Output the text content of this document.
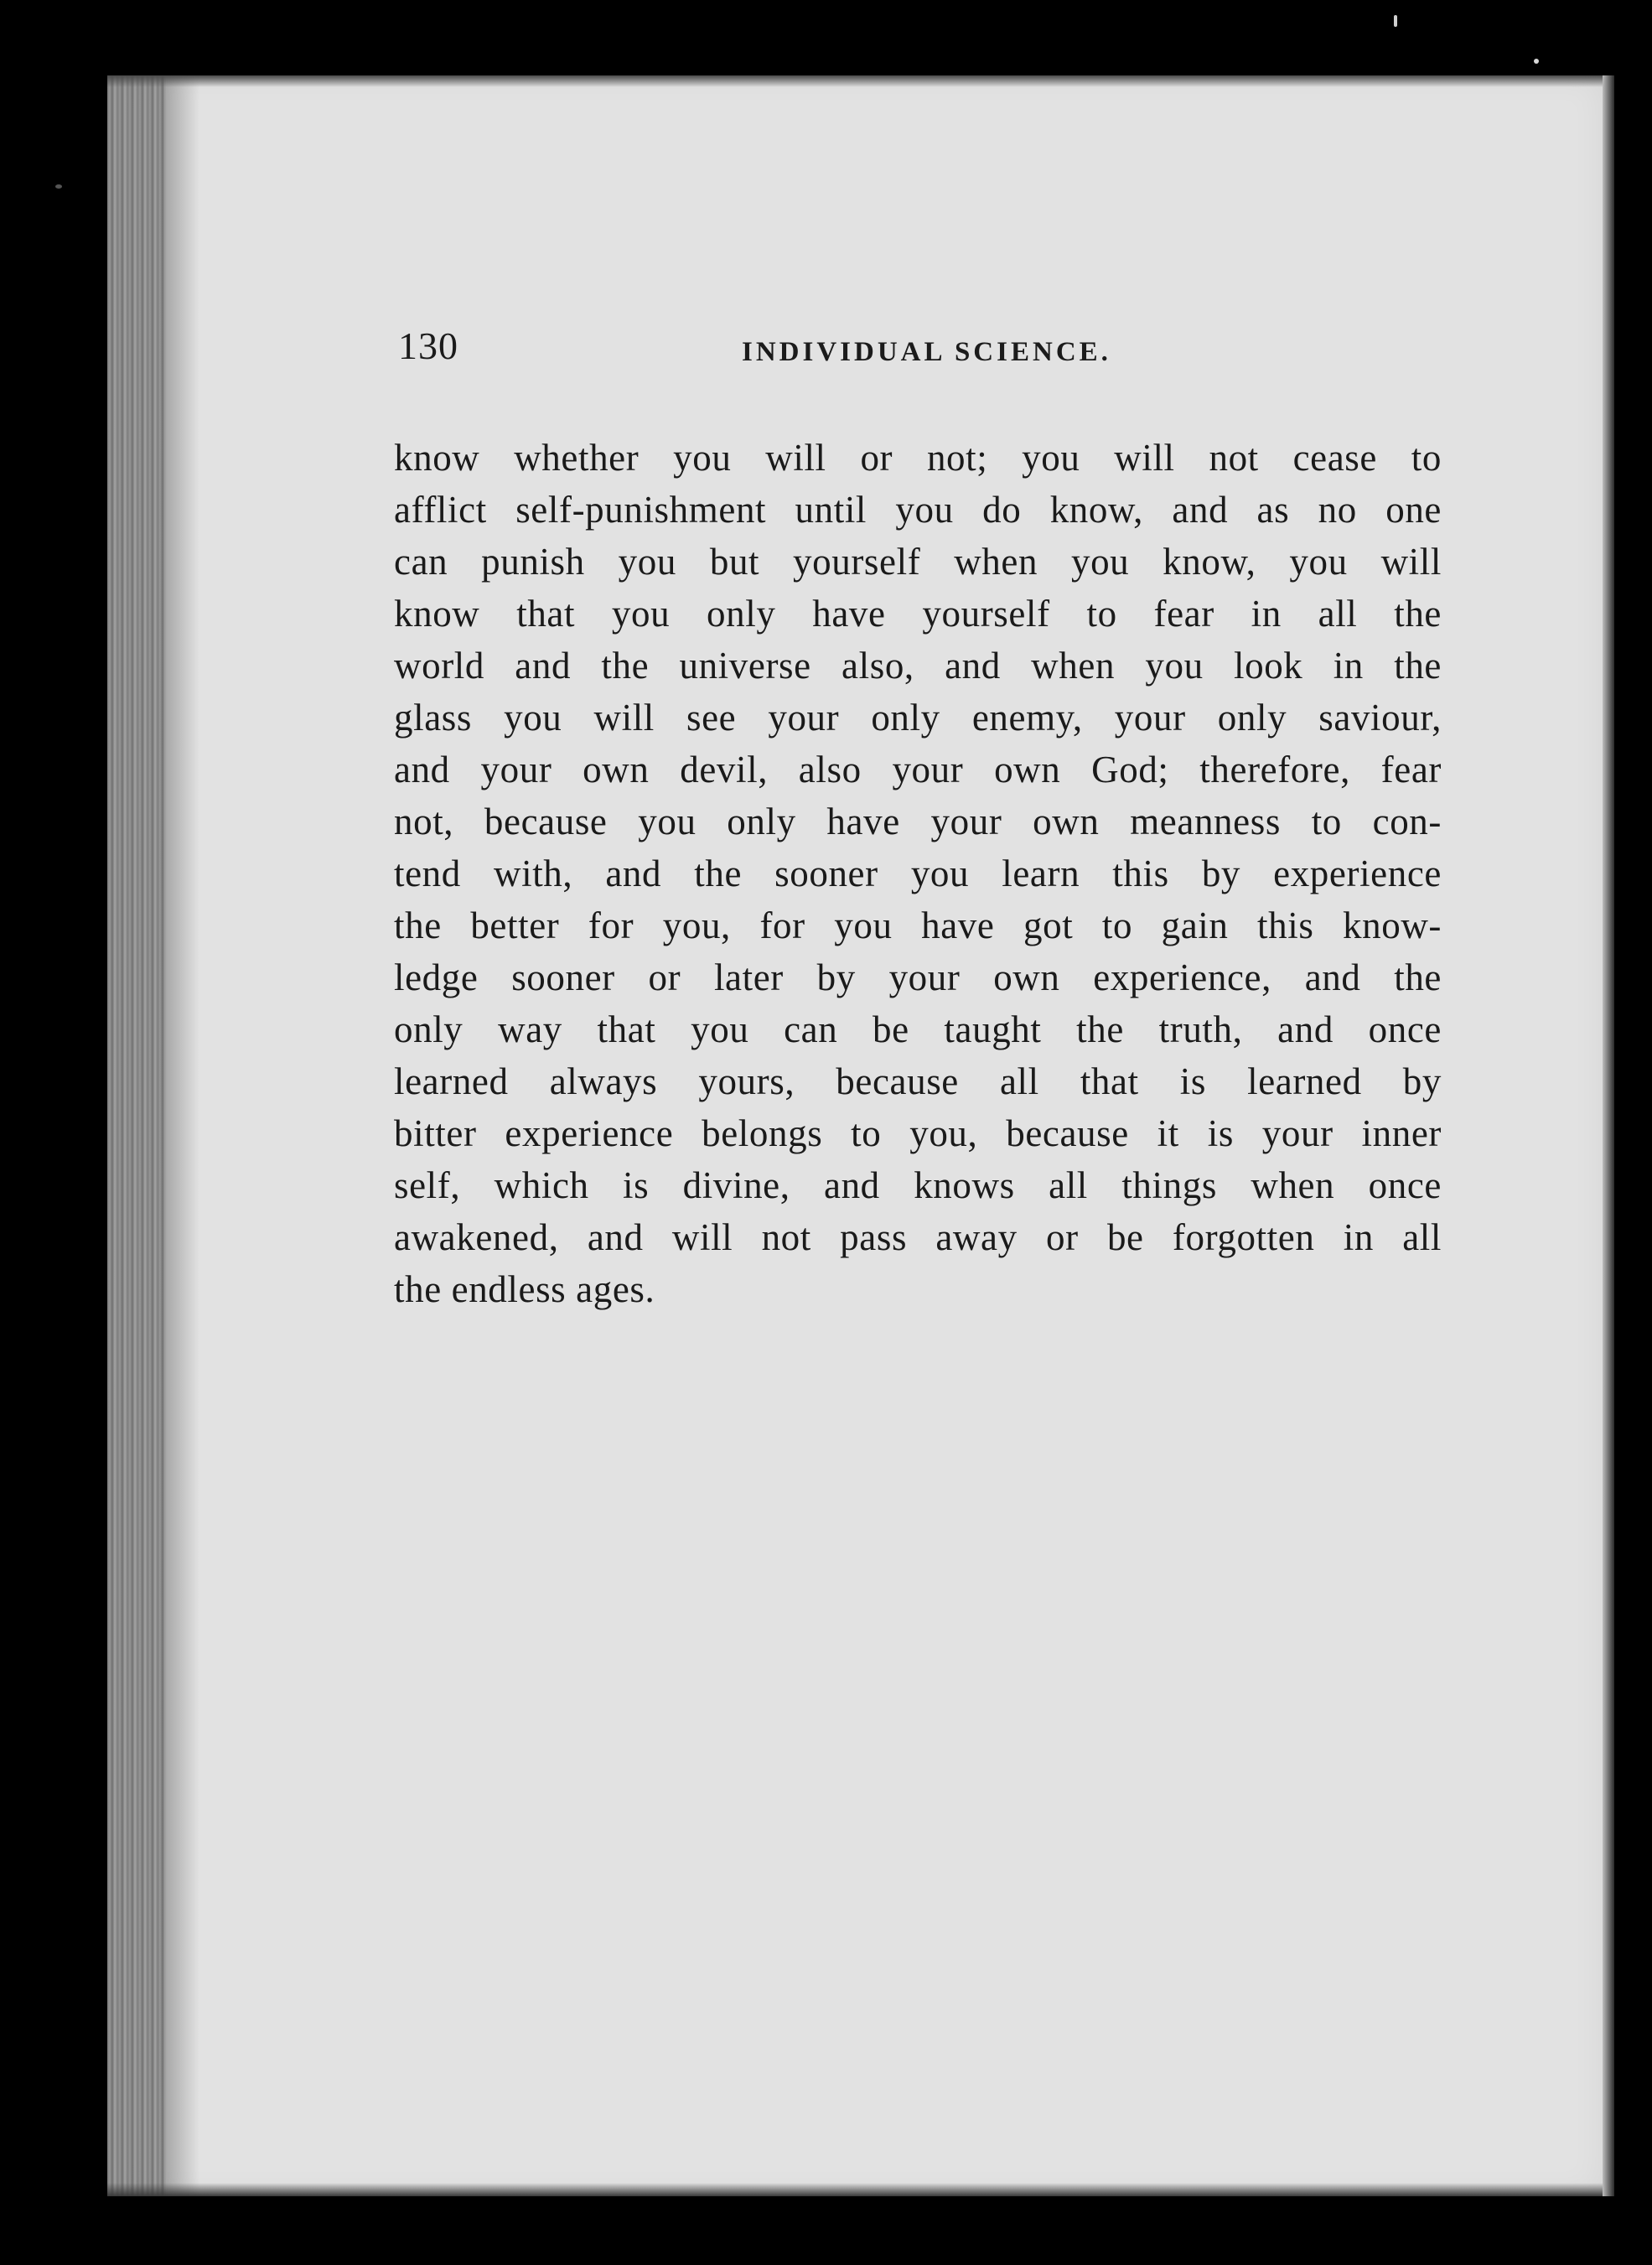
130	INDIVIDUAL SCIENCE.
know whether you will or not; you will not cease to
afflict self-punishment until you do know, and as no one
can punish you but yourself when you know, you will
know that you only have yourself to fear in all the
world and the universe also, and when you look in the
glass you will see your only enemy, your only saviour,
and your own devil, also your own God; therefore, fear
not, because you only have your own meanness to con-
tend with, and the sooner you learn this by experience
the better for you, for you have got to gain this know-
ledge sooner or later by your own experience, and the
only way that you can be taught the truth, and once
learned always yours, because all that is learned by
bitter experience belongs to you, because it is your inner
self, which is divine, and knows all things when once
awakened, and will not pass away or be forgotten in all
the endless ages.
